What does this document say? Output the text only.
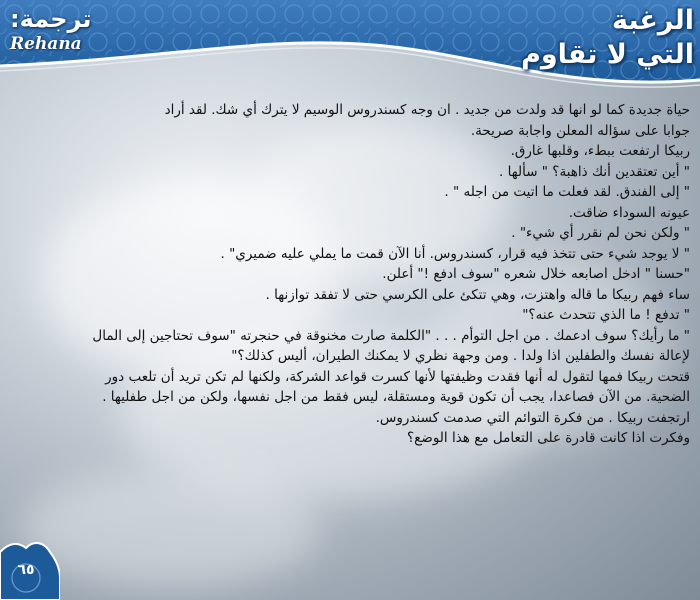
الرغبة
التي لا تقاوم
ترجمة:
Rehana

حياة جديدة كما لو انها قد ولدت من جديد . ان وجه كسندروس الوسيم لا يترك أي شك. لقد أراد

جوابا على سؤاله المعلن واجابة صريحة.

ربيكا ارتفعت ببطء، وقلبها غارق.

" أين تعتقدين أنك ذاهبة؟ " سألها .

" إلى الفندق. لقد فعلت ما اتيت من اجله " .

عيونه السوداء ضاقت.

" ولكن نحن لم نقرر أي شيء" .

" لا يوجد شيء حتى تتخذ فيه قرار، كسندروس. أنا الآن قمت ما يملي عليه ضميري" .

"حسنا " ادخل اصابعه خلال شعره "سوف ادفع !" أعلن.

ساء فهم ربيكا ما قاله واهتزت، وهي تتكئ على الكرسي حتى لا تفقد توازنها .

" تدفع ! ما الذي تتحدث عنه؟"

" ما رأيك؟ سوف ادعمك . من اجل التوأم . . . "الكلمة صارت مخنوقة في حنجرته "سوف تحتاجين إلى المال

لإعالة نفسك والطفلين اذا ولدا . ومن وجهة نظري لا يمكنك الطيران، أليس كذلك؟"

قتحت ربيكا فمها لتقول له أنها فقدت وظيفتها لأنها كسرت قواعد الشركة، ولكنها لم تكن تريد أن تلعب دور

الضحية. من الآن فصاعدا، يجب أن تكون قوية ومستقلة، ليس فقط من اجل نفسها، ولكن من اجل طفليها .

ارتجفت ربيكا . من فكرة التوائم التي صدمت كسندروس.

وفكرت اذا كانت قادرة على التعامل مع هذا الوضع؟

٦٥
